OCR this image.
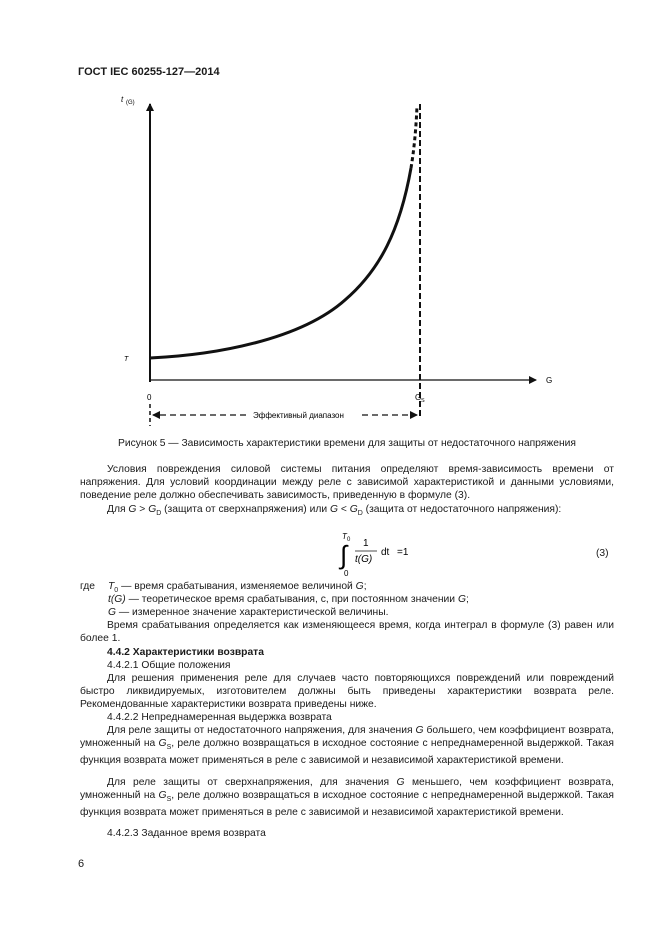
ГОСТ IEC 60255-127—2014
t (G)
T
G
0	G S
Эффективный диапазон
Рисунок 5 — Зависимость характеристики времени для защиты от недостаточного напряжения
Условия повреждения силовой системы питания определяют время-зависимость времени от напряжения. Для условий координации между реле с зависимой характеристикой и данными условиями, поведение реле должно обеспечивать зависимость, приведенную в формуле (3).
Для $G > G_D$ (защита от сверхнапряжения) или $G < G_D$ (защита от недостаточного напряжения):
T 0
∫
0
1
t(G)
dt =1	(3)
где $T_0$ — время срабатывания, изменяемое величиной G;
t(G) — теоретическое время срабатывания, с, при постоянном значении G;
G — измеренное значение характеристической величины.
Время срабатывания определяется как изменяющееся время, когда интеграл в формуле (3) равен или более 1.
4.4.2 Характеристики возврата
4.4.2.1 Общие положения
Для решения применения реле для случаев часто повторяющихся повреждений или повреждений быстро ликвидируемых, изготовителем должны быть приведены характеристики возврата реле. Рекомендованные характеристики возврата приведены ниже.
4.4.2.2 Непреднамеренная выдержка возврата
Для реле защиты от недостаточного напряжения, для значения G большего, чем коэффициент возврата, умноженный на $G_S$, реле должно возвращаться в исходное состояние с непреднамеренной выдержкой. Такая функция возврата может применяться в реле с зависимой и независимой характеристикой времени.
Для реле защиты от сверхнапряжения, для значения G меньшего, чем коэффициент возврата, умноженный на $G_S$, реле должно возвращаться в исходное состояние с непреднамеренной выдержкой. Такая функция возврата может применяться в реле с зависимой и независимой характеристикой времени.
4.4.2.3 Заданное время возврата
6
